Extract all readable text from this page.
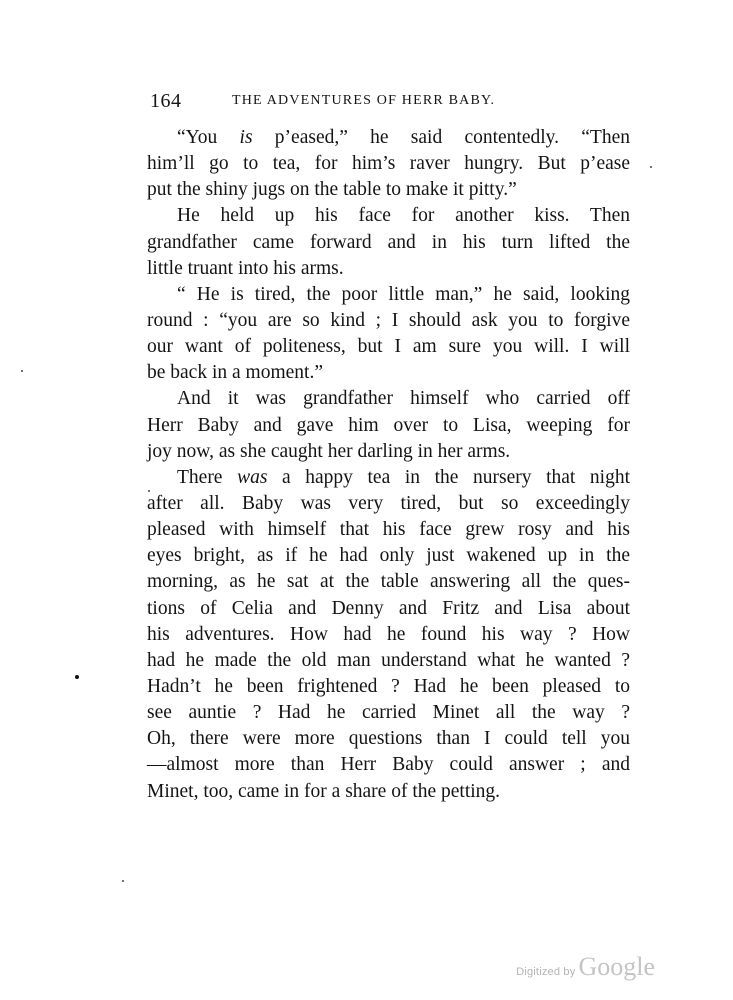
164	THE ADVENTURES OF HERR BABY.
“You is p’eased,” he said contentedly. “Then
him’ll go to tea, for him’s raver hungry. But p’ease
put the shiny jugs on the table to make it pitty.”
He held up his face for another kiss. Then
grandfather came forward and in his turn lifted the
little truant into his arms.
“ He is tired, the poor little man,” he said, looking
round : “you are so kind ; I should ask you to forgive
our want of politeness, but I am sure you will. I will
be back in a moment.”
And it was grandfather himself who carried off
Herr Baby and gave him over to Lisa, weeping for
joy now, as she caught her darling in her arms.
There was a happy tea in the nursery that night
after all. Baby was very tired, but so exceedingly
pleased with himself that his face grew rosy and his
eyes bright, as if he had only just wakened up in the
morning, as he sat at the table answering all the ques-
tions of Celia and Denny and Fritz and Lisa about
his adventures. How had he found his way ? How
had he made the old man understand what he wanted ?
Hadn’t he been frightened ? Had he been pleased to
see auntie ? Had he carried Minet all the way ?
Oh, there were more questions than I could tell you
—almost more than Herr Baby could answer ; and
Minet, too, came in for a share of the petting.
Digitized by Google
